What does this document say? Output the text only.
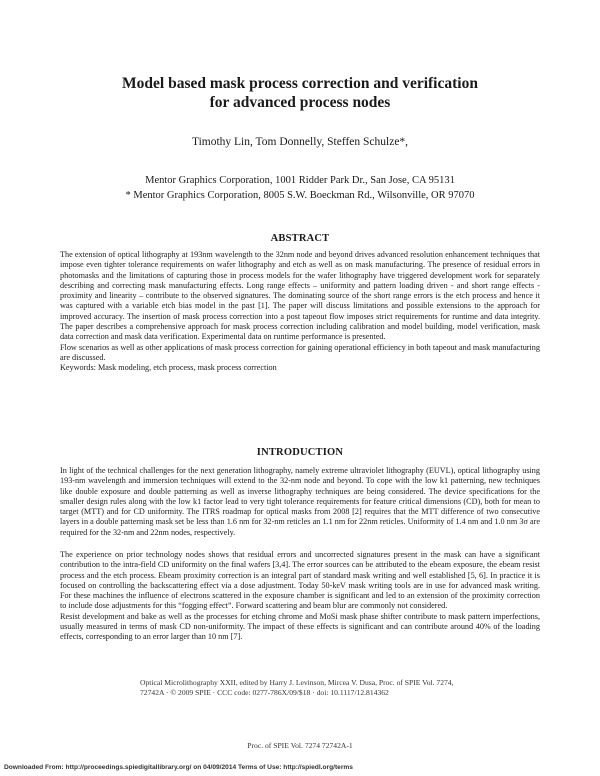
Model based mask process correction and verification
for advanced process nodes
Timothy Lin, Tom Donnelly, Steffen Schulze*,
Mentor Graphics Corporation, 1001 Ridder Park Dr., San Jose, CA 95131
* Mentor Graphics Corporation, 8005 S.W. Boeckman Rd., Wilsonville, OR 97070
ABSTRACT

The extension of optical lithography at 193nm wavelength to the 32nm node and beyond drives advanced resolution enhancement techniques that impose even tighter tolerance requirements on wafer lithography and etch as well as on mask manufacturing. The presence of residual errors in photomasks and the limitations of capturing those in process models for the wafer lithography have triggered development work for separately describing and correcting mask manufacturing effects. Long range effects – uniformity and pattern loading driven - and short range effects - proximity and linearity – contribute to the observed signatures. The dominating source of the short range errors is the etch process and hence it was captured with a variable etch bias model in the past [1]. The paper will discuss limitations and possible extensions to the approach for improved accuracy. The insertion of mask process correction into a post tapeout flow imposes strict requirements for runtime and data integrity. The paper describes a comprehensive approach for mask process correction including calibration and model building, model verification, mask data correction and mask data verification. Experimental data on runtime performance is presented.

Flow scenarios as well as other applications of mask process correction for gaining operational efficiency in both tapeout and mask manufacturing are discussed.

Keywords: Mask modeling, etch process, mask process correction

INTRODUCTION

In light of the technical challenges for the next generation lithography, namely extreme ultraviolet lithography (EUVL), optical lithography using 193-nm wavelength and immersion techniques will extend to the 32-nm node and beyond. To cope with the low k1 patterning, new techniques like double exposure and double patterning as well as inverse lithography techniques are being considered. The device specifications for the smaller design rules along with the low k1 factor lead to very tight tolerance requirements for feature critical dimensions (CD), both for mean to target (MTT) and for CD uniformity. The ITRS roadmap for optical masks from 2008 [2] requires that the MTT difference of two consecutive layers in a double patterning mask set be less than 1.6 nm for 32-nm reticles an 1.1 nm for 22nm reticles. Uniformity of 1.4 nm and 1.0 nm 3σ are required for the 32-nm and 22nm nodes, respectively.

The experience on prior technology nodes shows that residual errors and uncorrected signatures present in the mask can have a significant contribution to the intra-field CD uniformity on the final wafers [3,4]. The error sources can be attributed to the ebeam exposure, the ebeam resist process and the etch process. Ebeam proximity correction is an integral part of standard mask writing and well established [5, 6]. In practice it is focused on controlling the backscattering effect via a dose adjustment. Today 50-keV mask writing tools are in use for advanced mask writing. For these machines the influence of electrons scattered in the exposure chamber is significant and led to an extension of the proximity correction to include dose adjustments for this “fogging effect”. Forward scattering and beam blur are commonly not considered.

Resist development and bake as well as the processes for etching chrome and MoSi mask phase shifter contribute to mask pattern imperfections, usually measured in terms of mask CD non-uniformity. The impact of these effects is significant and can contribute around 40% of the loading effects, corresponding to an error larger than 10 nm [7].

Optical Microlithography XXII, edited by Harry J. Levinson, Mircea V. Dusa, Proc. of SPIE Vol. 7274,
72742A · © 2009 SPIE · CCC code: 0277-786X/09/$18 · doi: 10.1117/12.814362
Proc. of SPIE Vol. 7274 72742A-1
Downloaded From: http://proceedings.spiedigitallibrary.org/ on 04/09/2014 Terms of Use: http://spiedl.org/terms
